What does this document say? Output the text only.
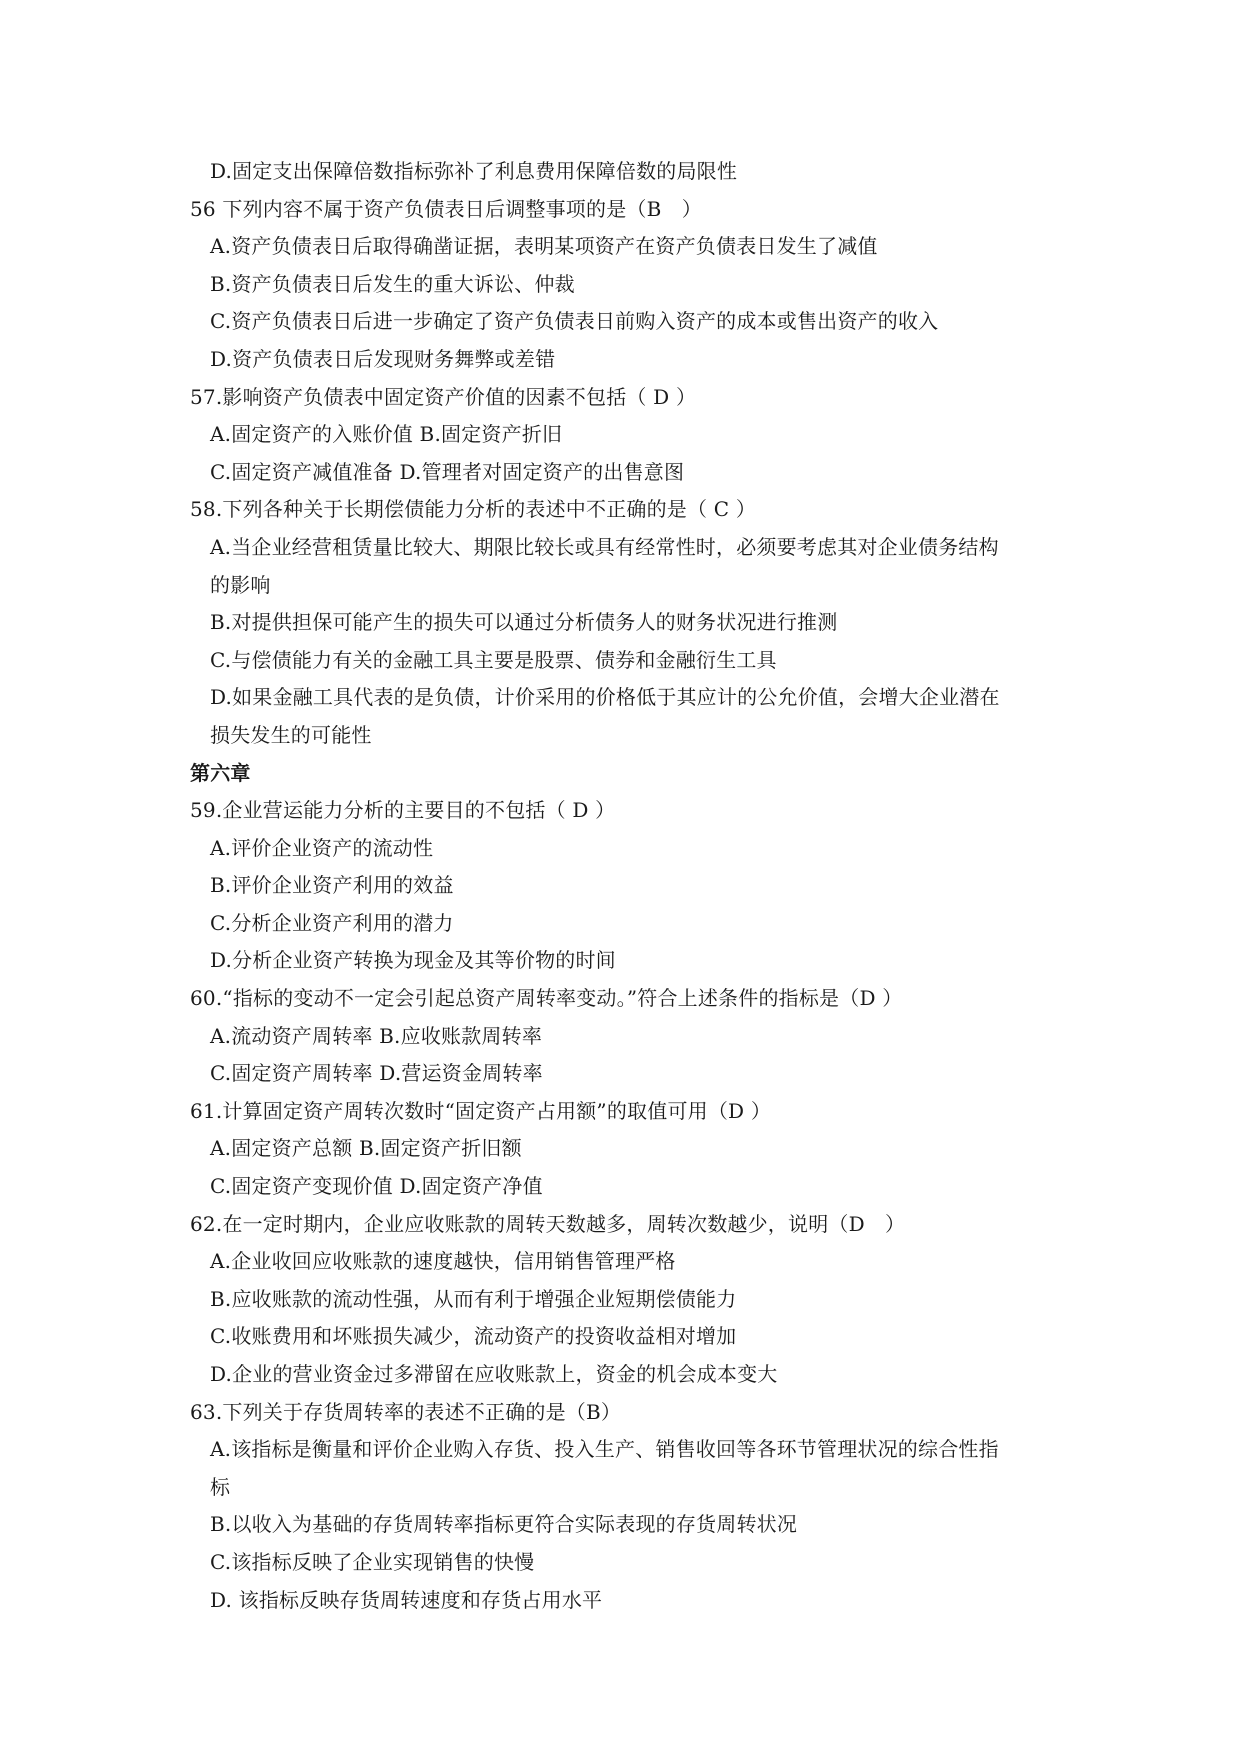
D.固定支出保障倍数指标弥补了利息费用保障倍数的局限性
56 下列内容不属于资产负债表日后调整事项的是（B　）
A.资产负债表日后取得确凿证据，表明某项资产在资产负债表日发生了减值
B.资产负债表日后发生的重大诉讼、仲裁
C.资产负债表日后进一步确定了资产负债表日前购入资产的成本或售出资产的收入
D.资产负债表日后发现财务舞弊或差错
57.影响资产负债表中固定资产价值的因素不包括（ D ）
A.固定资产的入账价值 B.固定资产折旧
C.固定资产减值准备 D.管理者对固定资产的出售意图
58.下列各种关于长期偿债能力分析的表述中不正确的是（ C ）
A.当企业经营租赁量比较大、期限比较长或具有经常性时，必须要考虑其对企业债务结构
的影响
B.对提供担保可能产生的损失可以通过分析债务人的财务状况进行推测
C.与偿债能力有关的金融工具主要是股票、债券和金融衍生工具
D.如果金融工具代表的是负债，计价采用的价格低于其应计的公允价值，会增大企业潜在
损失发生的可能性
第六章
59.企业营运能力分析的主要目的不包括（ D ）
A.评价企业资产的流动性
B.评价企业资产利用的效益
C.分析企业资产利用的潜力
D.分析企业资产转换为现金及其等价物的时间
60.“指标的变动不一定会引起总资产周转率变动。”符合上述条件的指标是（D ）
A.流动资产周转率 B.应收账款周转率
C.固定资产周转率 D.营运资金周转率
61.计算固定资产周转次数时“固定资产占用额”的取值可用（D ）
A.固定资产总额 B.固定资产折旧额
C.固定资产变现价值 D.固定资产净值
62.在一定时期内，企业应收账款的周转天数越多，周转次数越少，说明（D　）
A.企业收回应收账款的速度越快，信用销售管理严格
B.应收账款的流动性强，从而有利于增强企业短期偿债能力
C.收账费用和坏账损失减少，流动资产的投资收益相对增加
D.企业的营业资金过多滞留在应收账款上，资金的机会成本变大
63.下列关于存货周转率的表述不正确的是（B）
A.该指标是衡量和评价企业购入存货、投入生产、销售收回等各环节管理状况的综合性指
标
B.以收入为基础的存货周转率指标更符合实际表现的存货周转状况
C.该指标反映了企业实现销售的快慢
D. 该指标反映存货周转速度和存货占用水平
